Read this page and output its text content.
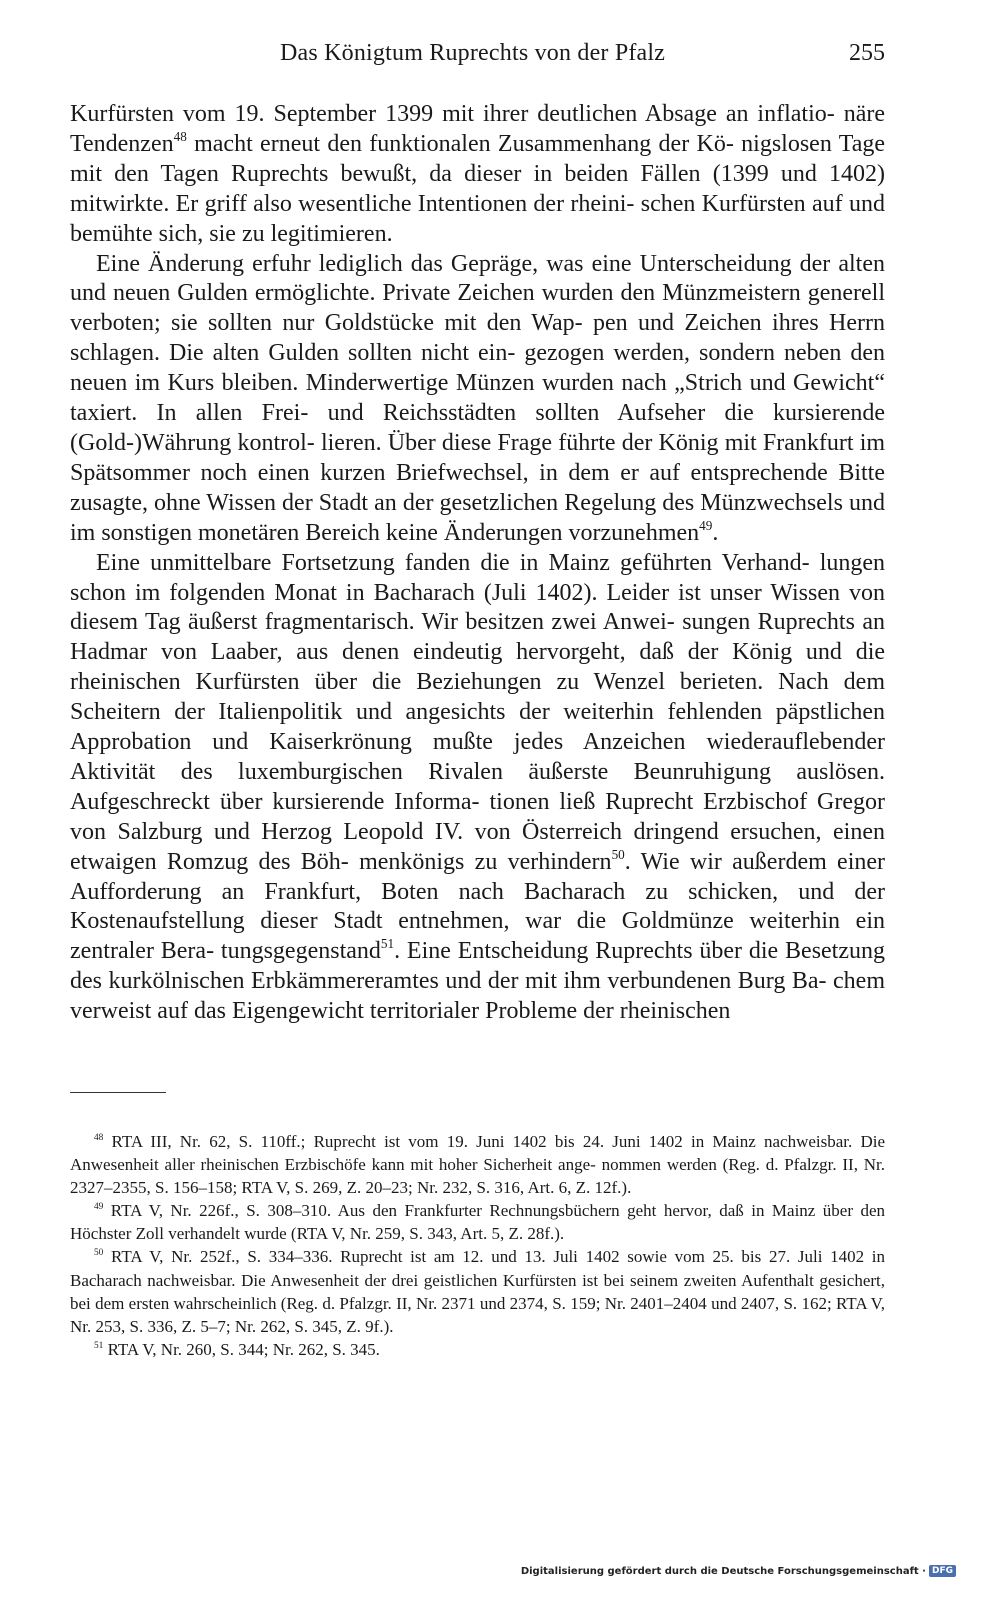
Das Königtum Ruprechts von der Pfalz	255

Kurfürsten vom 19. September 1399 mit ihrer deutlichen Absage an inflatio- näre Tendenzen$^{48}$ macht erneut den funktionalen Zusammenhang der Kö- nigslosen Tage mit den Tagen Ruprechts bewußt, da dieser in beiden Fällen (1399 und 1402) mitwirkte. Er griff also wesentliche Intentionen der rheini- schen Kurfürsten auf und bemühte sich, sie zu legitimieren.

Eine Änderung erfuhr lediglich das Gepräge, was eine Unterscheidung der alten und neuen Gulden ermöglichte. Private Zeichen wurden den Münzmeistern generell verboten; sie sollten nur Goldstücke mit den Wap- pen und Zeichen ihres Herrn schlagen. Die alten Gulden sollten nicht ein- gezogen werden, sondern neben den neuen im Kurs bleiben. Minderwertige Münzen wurden nach „Strich und Gewicht“ taxiert. In allen Frei- und Reichsstädten sollten Aufseher die kursierende (Gold-)Währung kontrol- lieren. Über diese Frage führte der König mit Frankfurt im Spätsommer noch einen kurzen Briefwechsel, in dem er auf entsprechende Bitte zusagte, ohne Wissen der Stadt an der gesetzlichen Regelung des Münzwechsels und im sonstigen monetären Bereich keine Änderungen vorzunehmen$^{49}$.

Eine unmittelbare Fortsetzung fanden die in Mainz geführten Verhand- lungen schon im folgenden Monat in Bacharach (Juli 1402). Leider ist unser Wissen von diesem Tag äußerst fragmentarisch. Wir besitzen zwei Anwei- sungen Ruprechts an Hadmar von Laaber, aus denen eindeutig hervorgeht, daß der König und die rheinischen Kurfürsten über die Beziehungen zu Wenzel berieten. Nach dem Scheitern der Italienpolitik und angesichts der weiterhin fehlenden päpstlichen Approbation und Kaiserkrönung mußte jedes Anzeichen wiederauflebender Aktivität des luxemburgischen Rivalen äußerste Beunruhigung auslösen. Aufgeschreckt über kursierende Informa- tionen ließ Ruprecht Erzbischof Gregor von Salzburg und Herzog Leopold IV. von Österreich dringend ersuchen, einen etwaigen Romzug des Böh- menkönigs zu verhindern$^{50}$. Wie wir außerdem einer Aufforderung an Frankfurt, Boten nach Bacharach zu schicken, und der Kostenaufstellung dieser Stadt entnehmen, war die Goldmünze weiterhin ein zentraler Bera- tungsgegenstand$^{51}$. Eine Entscheidung Ruprechts über die Besetzung des kurkölnischen Erbkämmereramtes und der mit ihm verbundenen Burg Ba- chem verweist auf das Eigengewicht territorialer Probleme der rheinischen

$^{48}$ RTA III, Nr. 62, S. 110ff.; Ruprecht ist vom 19. Juni 1402 bis 24. Juni 1402 in Mainz nachweisbar. Die Anwesenheit aller rheinischen Erzbischöfe kann mit hoher Sicherheit ange- nommen werden (Reg. d. Pfalzgr. II, Nr. 2327–2355, S. 156–158; RTA V, S. 269, Z. 20–23; Nr. 232, S. 316, Art. 6, Z. 12f.).

$^{49}$ RTA V, Nr. 226f., S. 308–310. Aus den Frankfurter Rechnungsbüchern geht hervor, daß in Mainz über den Höchster Zoll verhandelt wurde (RTA V, Nr. 259, S. 343, Art. 5, Z. 28f.).

$^{50}$ RTA V, Nr. 252f., S. 334–336. Ruprecht ist am 12. und 13. Juli 1402 sowie vom 25. bis 27. Juli 1402 in Bacharach nachweisbar. Die Anwesenheit der drei geistlichen Kurfürsten ist bei seinem zweiten Aufenthalt gesichert, bei dem ersten wahrscheinlich (Reg. d. Pfalzgr. II, Nr. 2371 und 2374, S. 159; Nr. 2401–2404 und 2407, S. 162; RTA V, Nr. 253, S. 336, Z. 5–7; Nr. 262, S. 345, Z. 9f.).

$^{51}$ RTA V, Nr. 260, S. 344; Nr. 262, S. 345.

Digitalisierung gefördert durch die Deutsche Forschungsgemeinschaft · DFG
